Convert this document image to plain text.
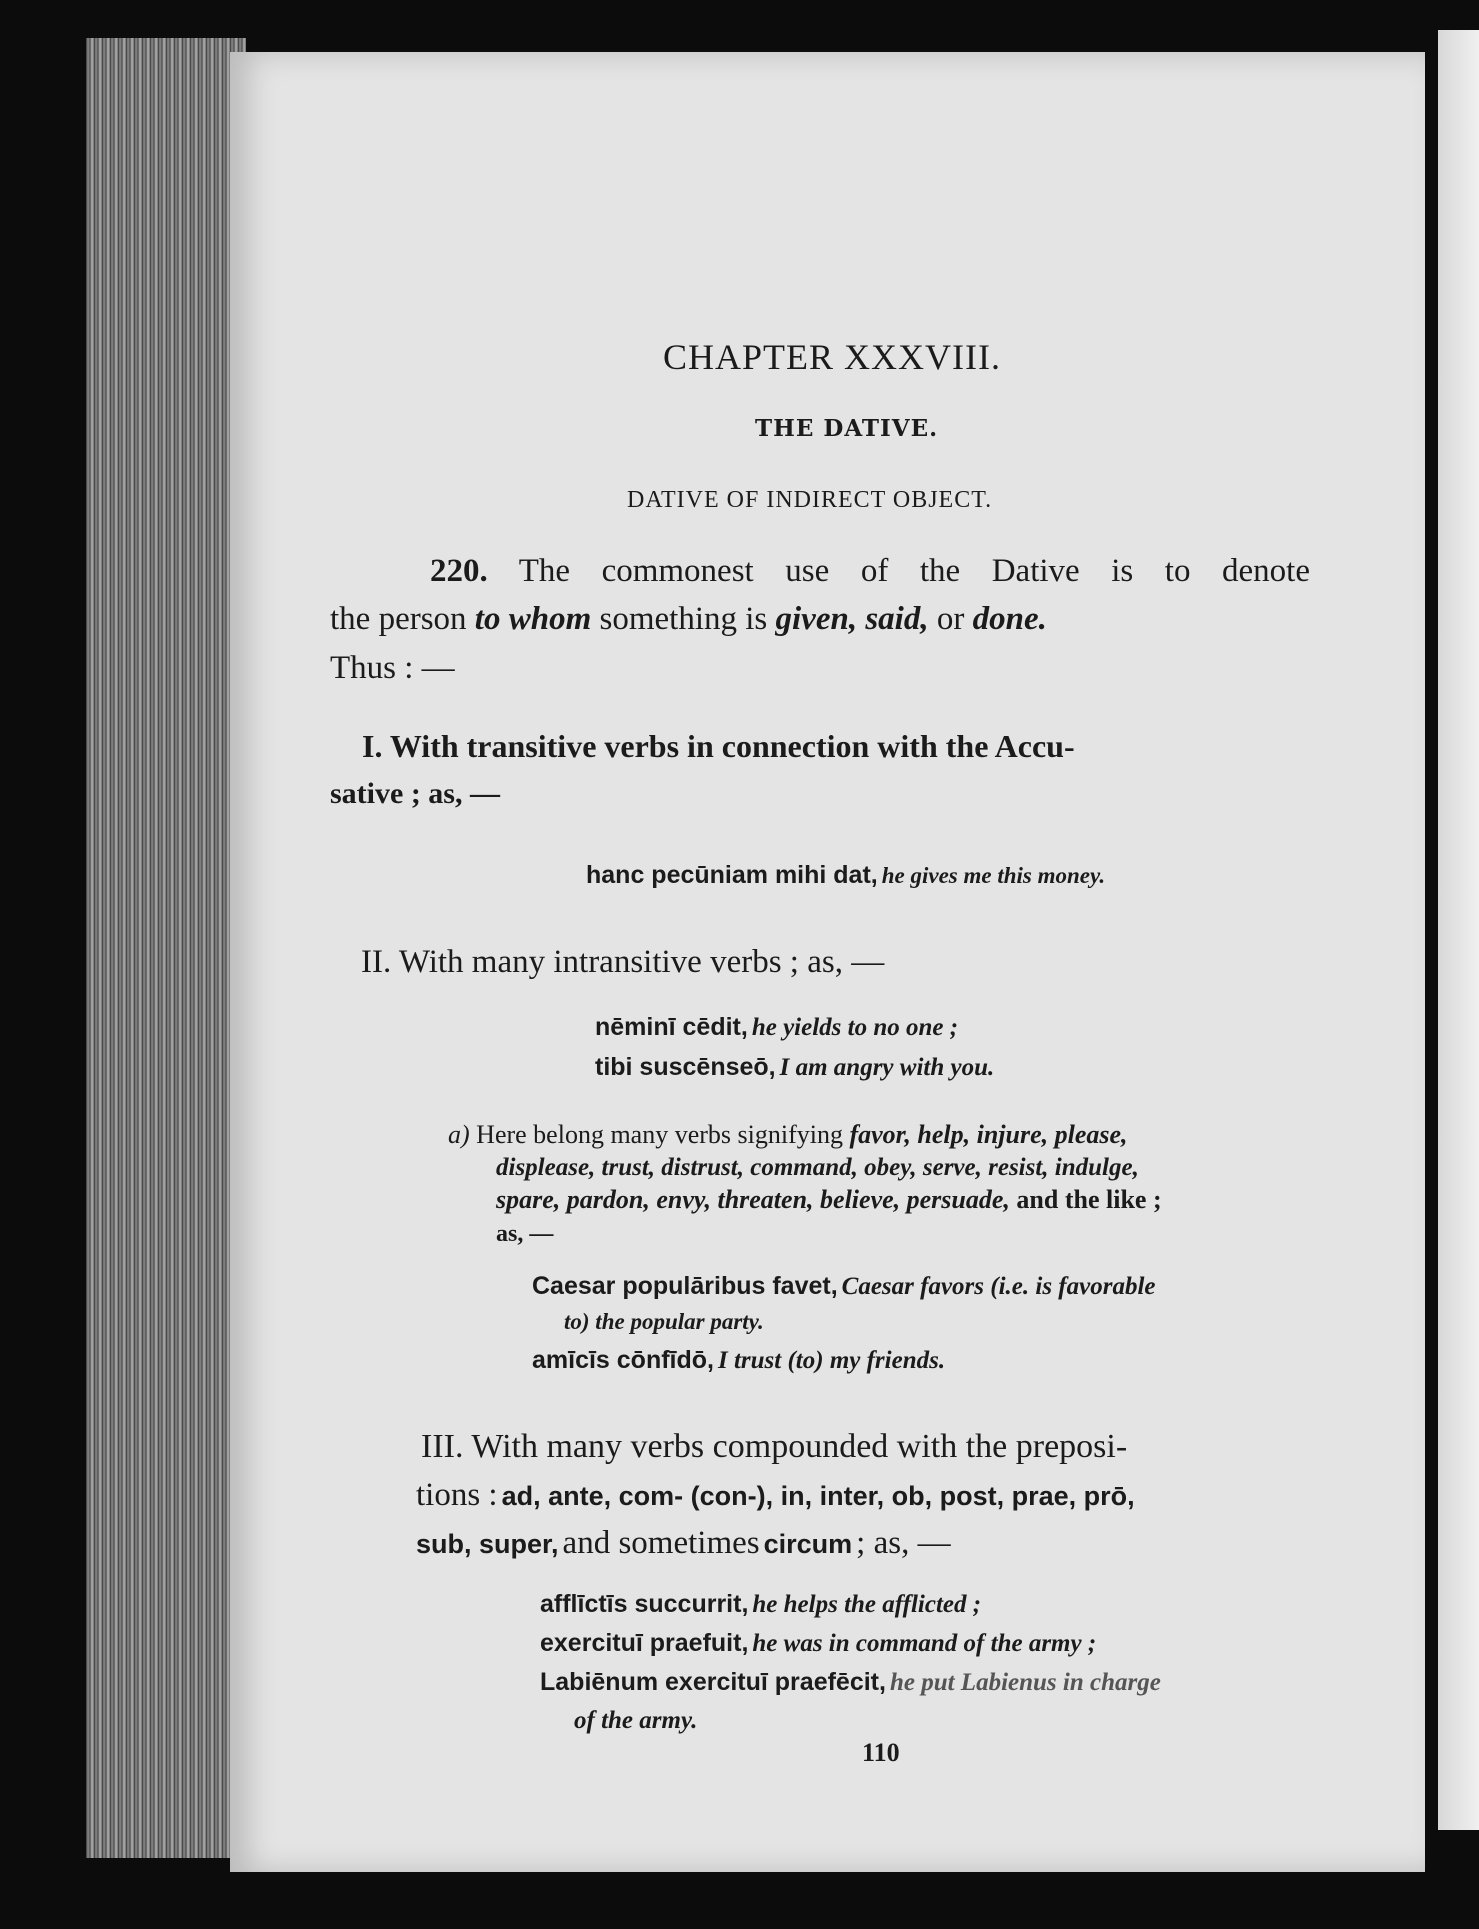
CHAPTER XXXVIII.
THE DATIVE.
DATIVE OF INDIRECT OBJECT.
220. The commonest use of the Dative is to denote
the person to whom something is given, said, or done.
Thus : —
I. With transitive verbs in connection with the Accu-
sative ; as, —
hanc pecūniam mihi dat, he gives me this money.
II. With many intransitive verbs ; as, —
nēminī cēdit, he yields to no one ;
tibi suscēnseō, I am angry with you.
a) Here belong many verbs signifying favor, help, injure, please,
displease, trust, distrust, command, obey, serve, resist, indulge,
spare, pardon, envy, threaten, believe, persuade, and the like ;
as, —
Caesar populāribus favet, Caesar favors (i.e. is favorable
to) the popular party.
amīcīs cōnfīdō, I trust (to) my friends.
III. With many verbs compounded with the preposi-
tions : ad, ante, com- (con-), in, inter, ob, post, prae, prō,
sub, super, and sometimes circum ; as, —
afflīctīs succurrit, he helps the afflicted ;
exercituī praefuit, he was in command of the army ;
Labiēnum exercituī praefēcit, he put Labienus in charge
of the army.
110
